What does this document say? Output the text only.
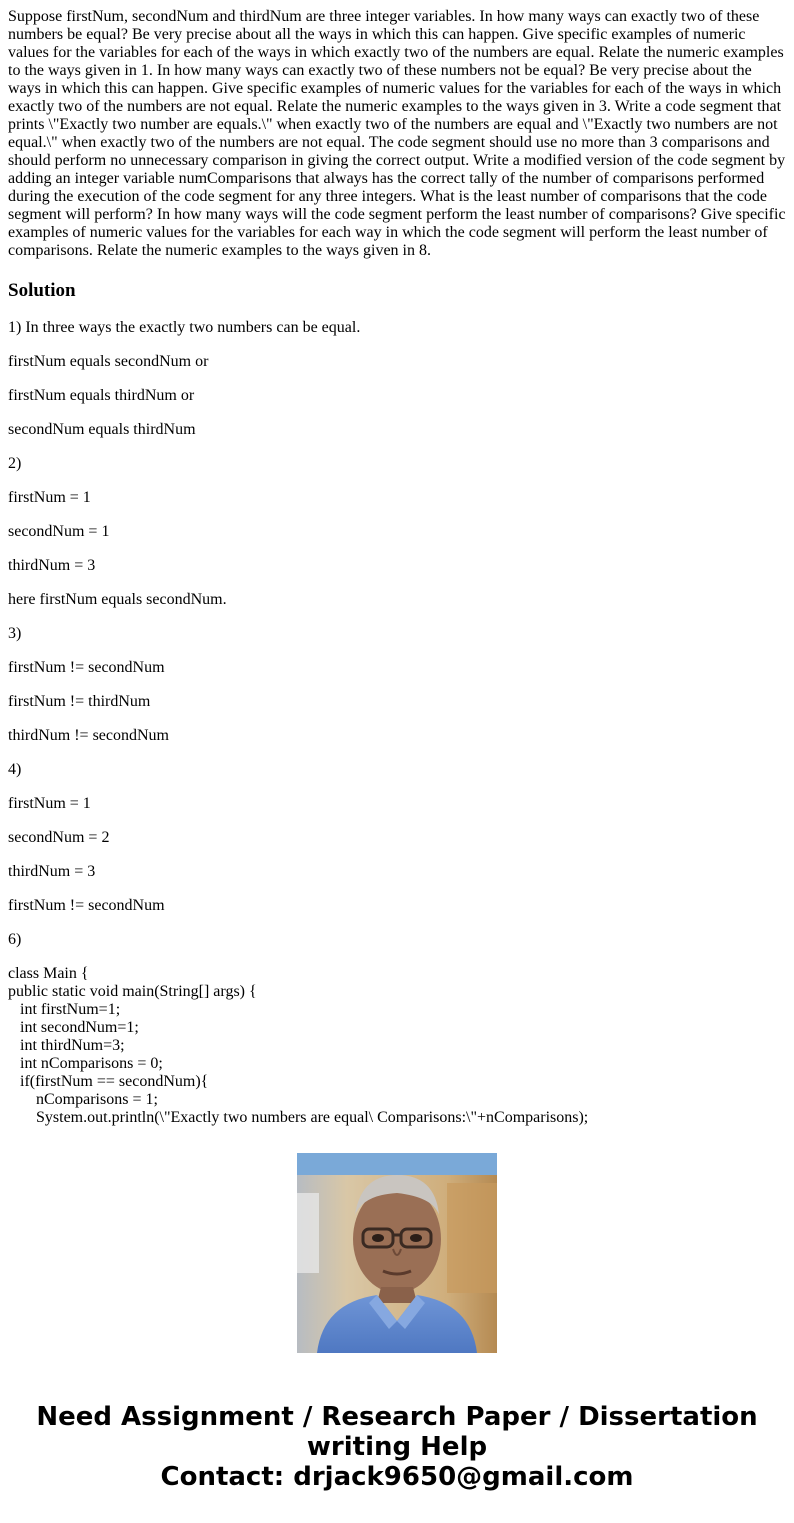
Suppose firstNum, secondNum and thirdNum are three integer variables. In how many ways can exactly two of these numbers be equal? Be very precise about all the ways in which this can happen. Give specific examples of numeric values for the variables for each of the ways in which exactly two of the numbers are equal. Relate the numeric examples to the ways given in 1. In how many ways can exactly two of these numbers not be equal? Be very precise about the ways in which this can happen. Give specific examples of numeric values for the variables for each of the ways in which exactly two of the numbers are not equal. Relate the numeric examples to the ways given in 3. Write a code segment that prints \"Exactly two number are equals.\" when exactly two of the numbers are equal and \"Exactly two numbers are not equal.\" when exactly two of the numbers are not equal. The code segment should use no more than 3 comparisons and should perform no unnecessary comparison in giving the correct output. Write a modified version of the code segment by adding an integer variable numComparisons that always has the correct tally of the number of comparisons performed during the execution of the code segment for any three integers. What is the least number of comparisons that the code segment will perform? In how many ways will the code segment perform the least number of comparisons? Give specific examples of numeric values for the variables for each way in which the code segment will perform the least number of comparisons. Relate the numeric examples to the ways given in 8.

Solution

1) In three ways the exactly two numbers can be equal.

firstNum equals secondNum or

firstNum equals thirdNum or

secondNum equals thirdNum

2)

firstNum = 1

secondNum = 1

thirdNum = 3

here firstNum equals secondNum.

3)

firstNum != secondNum

firstNum != thirdNum

thirdNum != secondNum

4)

firstNum = 1

secondNum = 2

thirdNum = 3

firstNum != secondNum

6)

class Main {

public static void main(String[] args) {

int firstNum=1;

int secondNum=1;

int thirdNum=3;

int nComparisons = 0;

if(firstNum == secondNum){

nComparisons = 1;

System.out.println(\"Exactly two numbers are equal\ Comparisons:\"+nComparisons);

Need Assignment / Research Paper / Dissertation
writing Help
Contact: drjack9650@gmail.com
